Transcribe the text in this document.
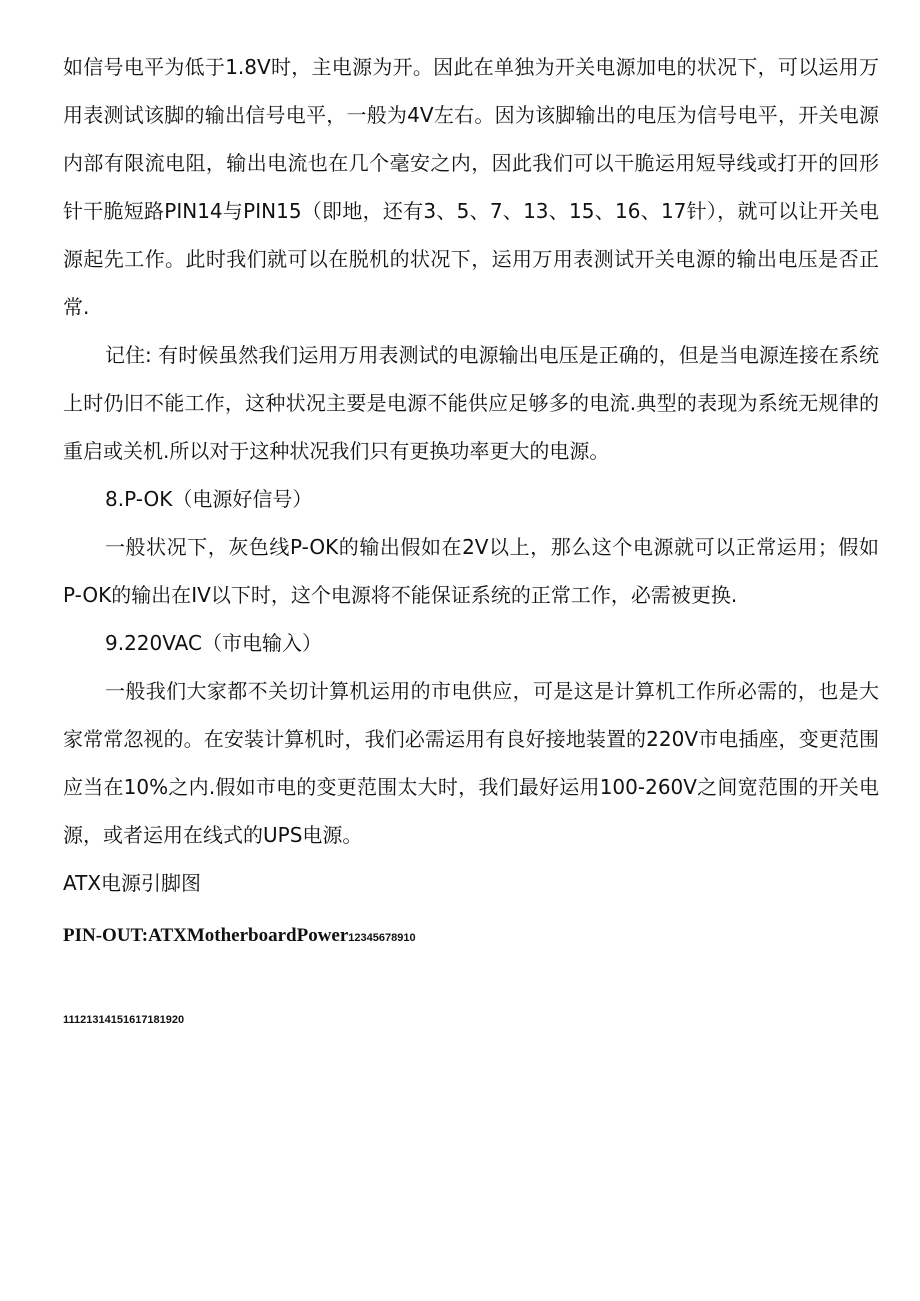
如信号电平为低于1.8V时，主电源为开。因此在单独为开关电源加电的状况下，可以运用万用表测试该脚的输出信号电平，一般为4V左右。因为该脚输出的电压为信号电平，开关电源内部有限流电阻，输出电流也在几个毫安之内，因此我们可以干脆运用短导线或打开的回形针干脆短路PIN14与PIN15（即地，还有3、5、7、13、15、16、17针），就可以让开关电源起先工作。此时我们就可以在脱机的状况下，运用万用表测试开关电源的输出电压是否正常.

记住: 有时候虽然我们运用万用表测试的电源输出电压是正确的，但是当电源连接在系统上时仍旧不能工作，这种状况主要是电源不能供应足够多的电流.典型的表现为系统无规律的重启或关机.所以对于这种状况我们只有更换功率更大的电源。

8.P-OK（电源好信号）

一般状况下，灰色线P-OK的输出假如在2V以上，那么这个电源就可以正常运用；假如P-OK的输出在IV以下时，这个电源将不能保证系统的正常工作，必需被更换.

9.220VAC（市电输入）

一般我们大家都不关切计算机运用的市电供应，可是这是计算机工作所必需的，也是大家常常忽视的。在安装计算机时，我们必需运用有良好接地装置的220V市电插座，变更范围应当在10%之内.假如市电的变更范围太大时，我们最好运用100-260V之间宽范围的开关电源，或者运用在线式的UPS电源。

ATX电源引脚图

PIN-OUT:ATXMotherboardPower12345678910

11121314151617181920
